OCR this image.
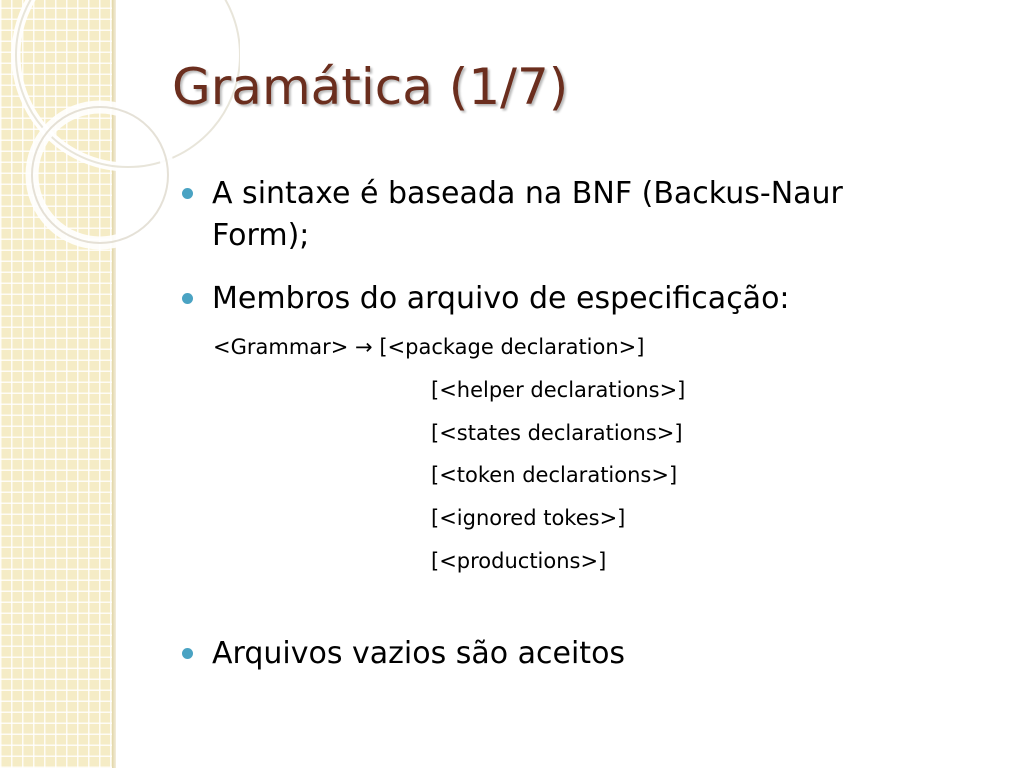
Gramática (1/7)
A sintaxe é baseada na BNF (Backus-Naur Form);
Membros do arquivo de especificação:
<Grammar> → [<package declaration>]
[<helper declarations>]
[<states declarations>]
[<token declarations>]
[<ignored tokes>]
[<productions>]
Arquivos vazios são aceitos
